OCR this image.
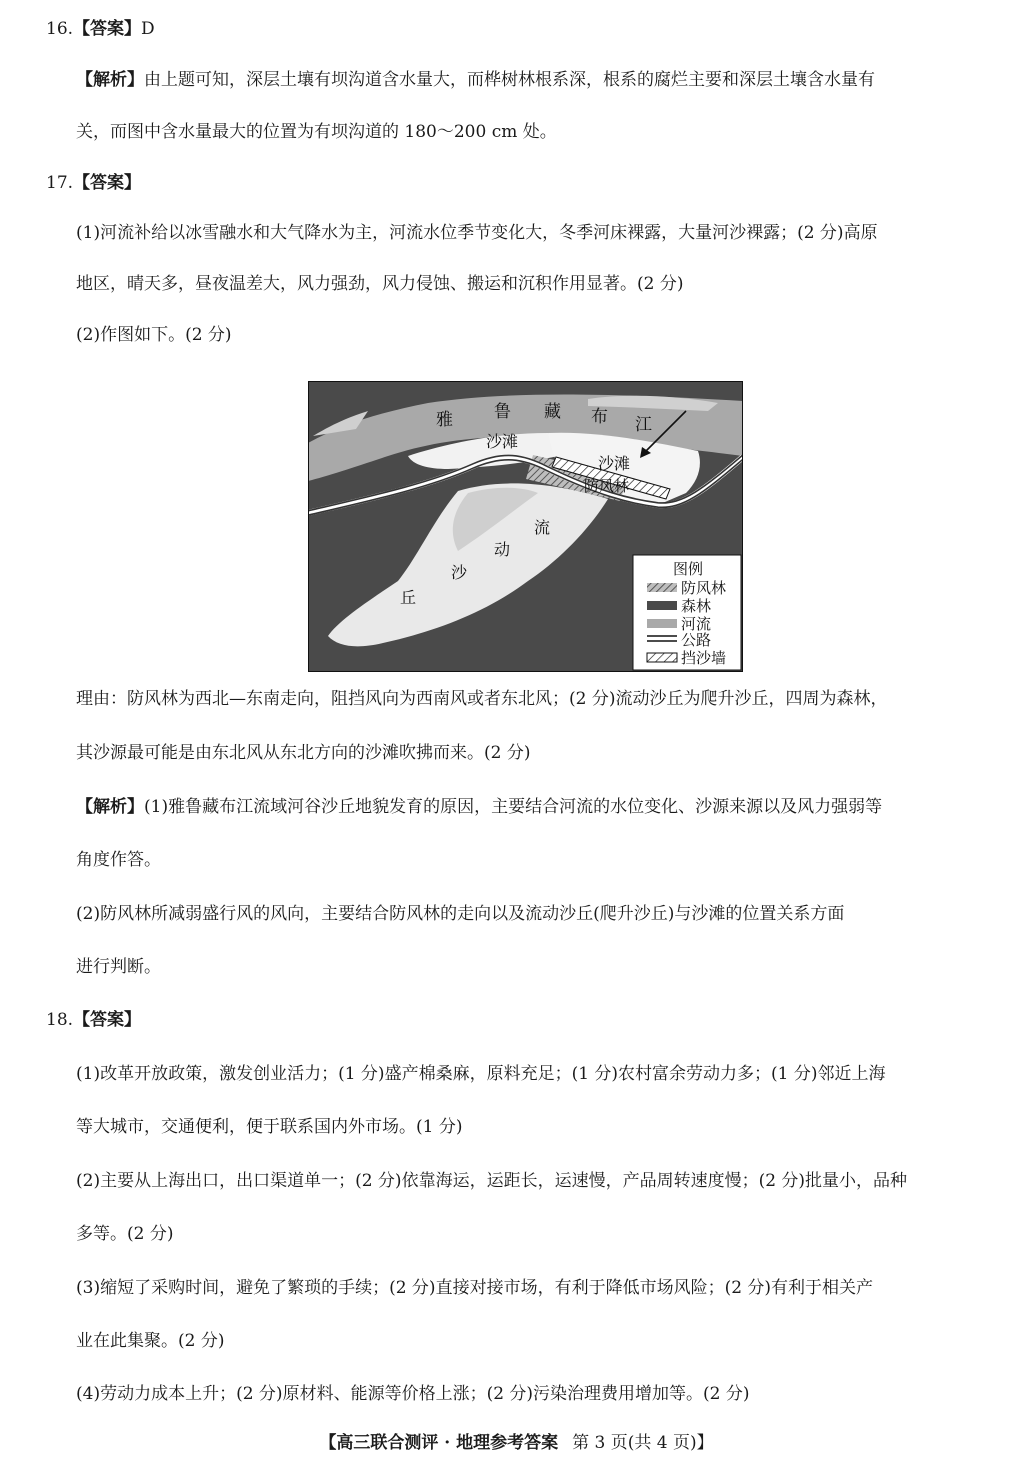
16.【答案】D
【解析】由上题可知，深层土壤有坝沟道含水量大，而桦树林根系深，根系的腐烂主要和深层土壤含水量有
关，而图中含水量最大的位置为有坝沟道的 180～200 cm 处。
17.【答案】
(1)河流补给以冰雪融水和大气降水为主，河流水位季节变化大，冬季河床裸露，大量河沙裸露；(2 分)高原
地区，晴天多，昼夜温差大，风力强劲，风力侵蚀、搬运和沉积作用显著。(2 分)
(2)作图如下。(2 分)
雅 鲁 藏 布 江
沙滩
沙滩
防风林
流
动
沙
丘
图例
防风林
森林
河流
公路
挡沙墙
理由：防风林为西北—东南走向，阻挡风向为西南风或者东北风；(2 分)流动沙丘为爬升沙丘，四周为森林，
其沙源最可能是由东北风从东北方向的沙滩吹拂而来。(2 分)
【解析】(1)雅鲁藏布江流域河谷沙丘地貌发育的原因，主要结合河流的水位变化、沙源来源以及风力强弱等
角度作答。
(2)防风林所减弱盛行风的风向，主要结合防风林的走向以及流动沙丘(爬升沙丘)与沙滩的位置关系方面
进行判断。
18.【答案】
(1)改革开放政策，激发创业活力；(1 分)盛产棉桑麻，原料充足；(1 分)农村富余劳动力多；(1 分)邻近上海
等大城市，交通便利，便于联系国内外市场。(1 分)
(2)主要从上海出口，出口渠道单一；(2 分)依靠海运，运距长，运速慢，产品周转速度慢；(2 分)批量小，品种
多等。(2 分)
(3)缩短了采购时间，避免了繁琐的手续；(2 分)直接对接市场，有利于降低市场风险；(2 分)有利于相关产
业在此集聚。(2 分)
(4)劳动力成本上升；(2 分)原材料、能源等价格上涨；(2 分)污染治理费用增加等。(2 分)
【高三联合测评 · 地理参考答案 第 3 页(共 4 页)】
